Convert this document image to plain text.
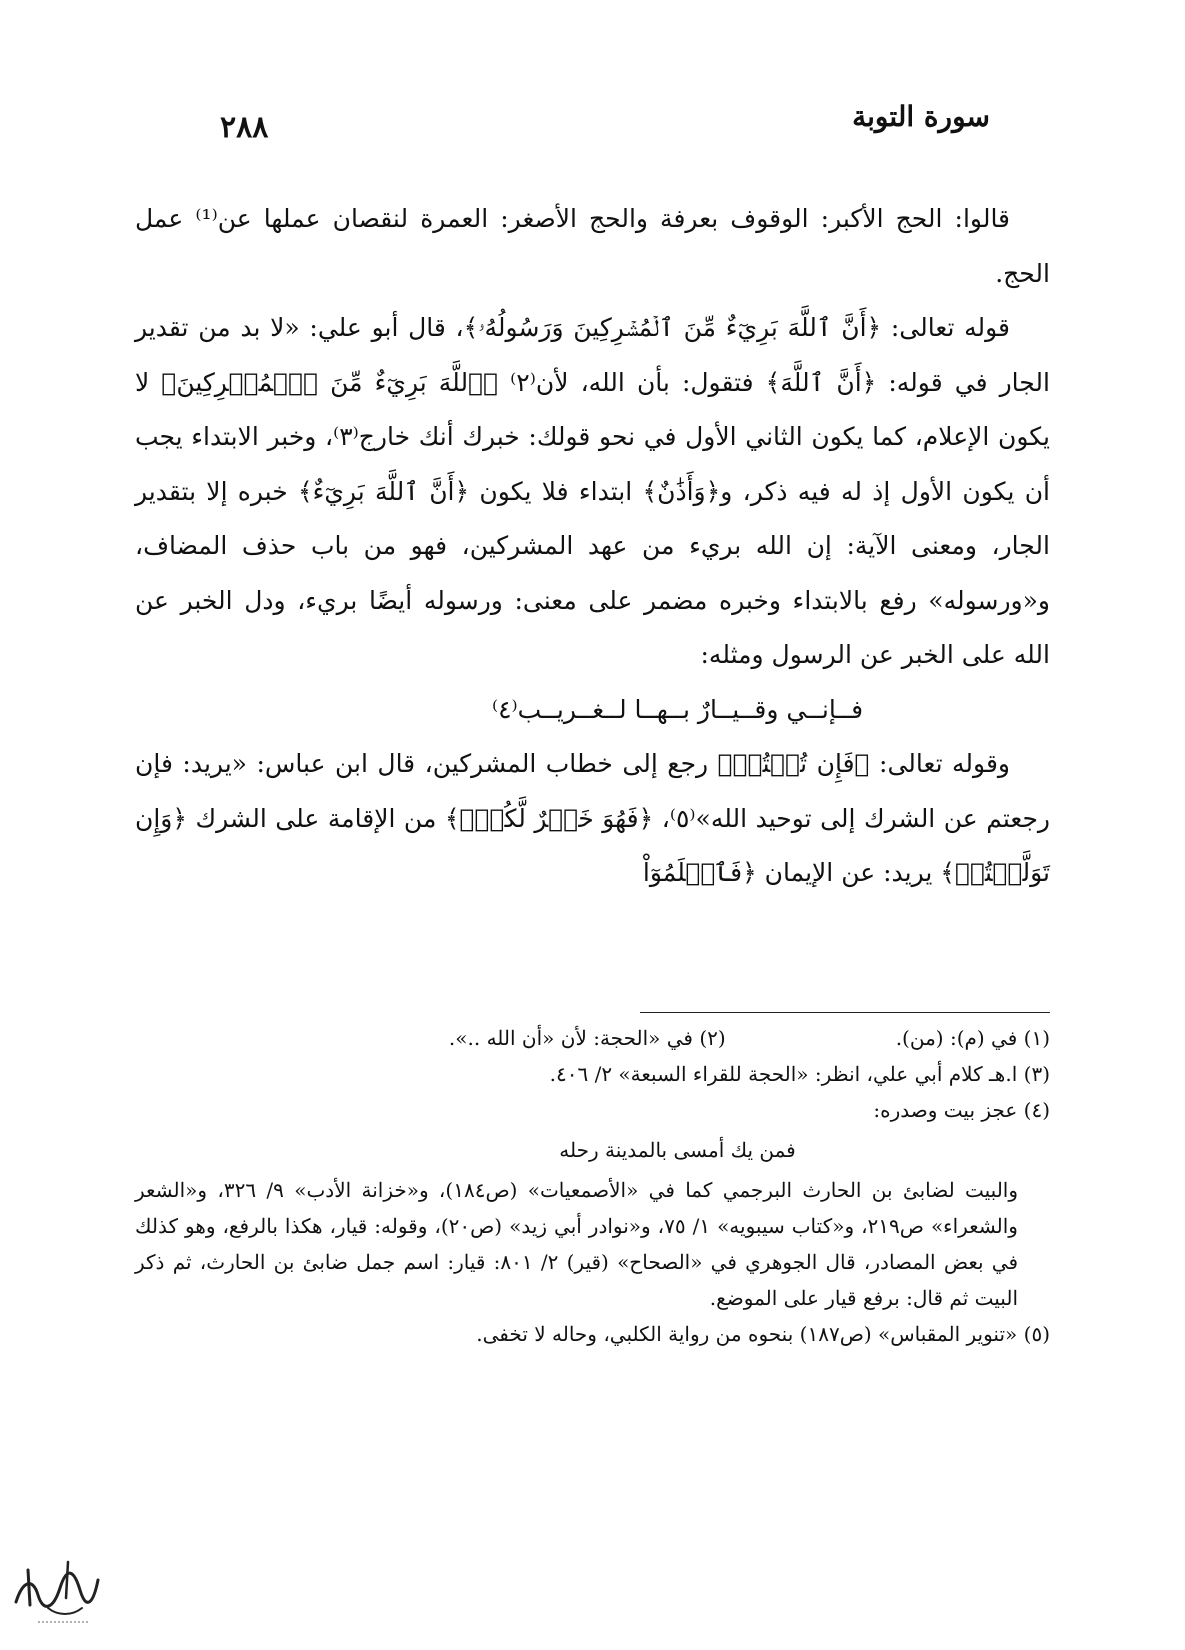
سورة التوبة
٢٨٨

قالوا: الحج الأكبر: الوقوف بعرفة والحج الأصغر: العمرة لنقصان عملها عن⁽¹⁾ عمل الحج.

قوله تعالى: ﴿أَنَّ ٱللَّهَ بَرِيٓءٌ مِّنَ ٱلۡمُشۡرِكِينَ وَرَسُولُهُۥ﴾، قال أبو علي: «لا بد من تقدير الجار في قوله: ﴿أَنَّ ٱللَّهَ﴾ فتقول: بأن الله، لأن⁽٢⁾ ﴿ٱللَّهَ بَرِيٓءٌ مِّنَ ٱلۡمُشۡرِكِينَ﴾ لا يكون الإعلام، كما يكون الثاني الأول في نحو قولك: خبرك أنك خارج⁽٣⁾، وخبر الابتداء يجب أن يكون الأول إذ له فيه ذكر، و﴿وَأَذَٰنٌ﴾ ابتداء فلا يكون ﴿أَنَّ ٱللَّهَ بَرِيٓءٌ﴾ خبره إلا بتقدير الجار، ومعنى الآية: إن الله بريء من عهد المشركين، فهو من باب حذف المضاف، و«ورسوله» رفع بالابتداء وخبره مضمر على معنى: ورسوله أيضًا بريء، ودل الخبر عن الله على الخبر عن الرسول ومثله:

فــإنــي وقــيــارٌ بــهــا لــغــريــب⁽٤⁾

وقوله تعالى: ﴿فَإِن تُبۡتُمۡ﴾ رجع إلى خطاب المشركين، قال ابن عباس: «يريد: فإن رجعتم عن الشرك إلى توحيد الله»⁽٥⁾، ﴿فَهُوَ خَيۡرٌ لَّكُمۡۖ﴾ من الإقامة على الشرك ﴿وَإِن تَوَلَّيۡتُمۡ﴾ يريد: عن الإيمان ﴿فَٱعۡلَمُوٓاْ

(١) في (م): (من).
(٢) في «الحجة: لأن «أن الله ..».
(٣) ا.هـ كلام أبي علي، انظر: «الحجة للقراء السبعة» ٢/ ٤٠٦.
(٤) عجز بيت وصدره:
فمن يك أمسى بالمدينة رحله
والبيت لضابئ بن الحارث البرجمي كما في «الأصمعيات» (ص١٨٤)، و«خزانة الأدب» ٩/ ٣٢٦، و«الشعر والشعراء» ص٢١٩، و«كتاب سيبويه» ١/ ٧٥، و«نوادر أبي زيد» (ص٢٠)، وقوله: قيار، هكذا بالرفع، وهو كذلك في بعض المصادر، قال الجوهري في «الصحاح» (قير) ٢/ ٨٠١: قيار: اسم جمل ضابئ بن الحارث، ثم ذكر البيت ثم قال: برفع قيار على الموضع.
(٥) «تنوير المقباس» (ص١٨٧) بنحوه من رواية الكلبي، وحاله لا تخفى.
